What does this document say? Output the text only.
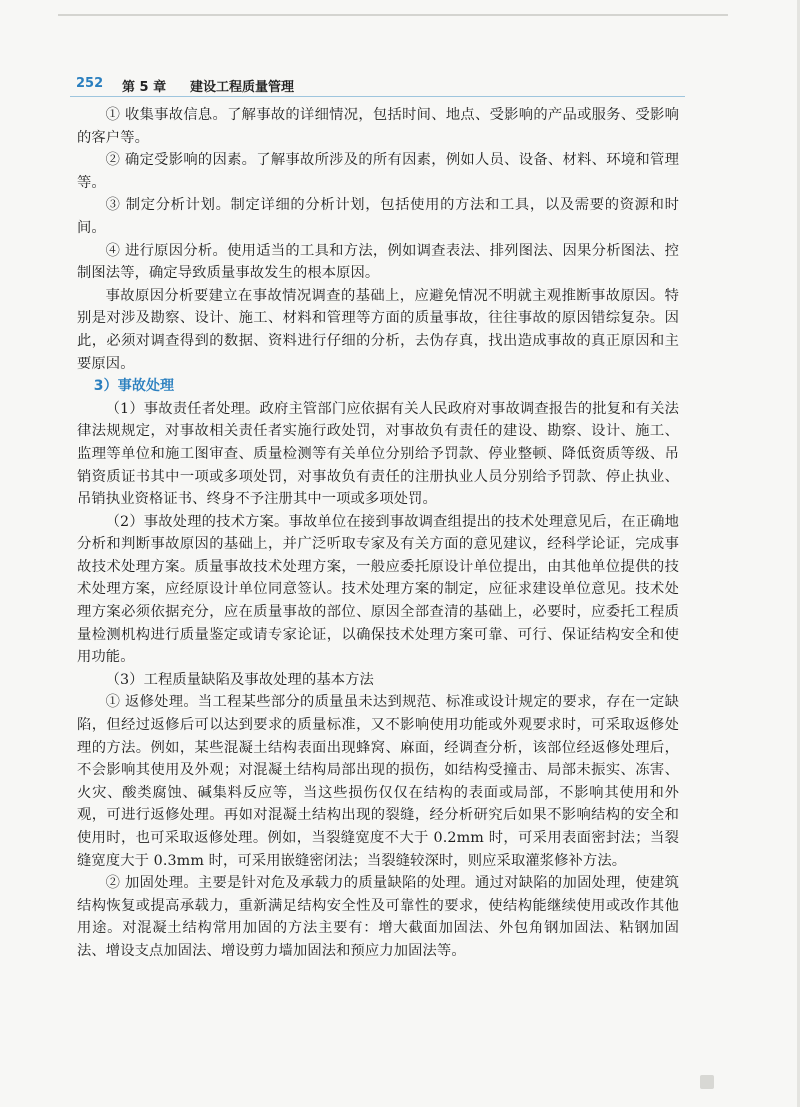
252 第 5 章 建设工程质量管理

① 收集事故信息。了解事故的详细情况，包括时间、地点、受影响的产品或服务、受影响的客户等。

② 确定受影响的因素。了解事故所涉及的所有因素，例如人员、设备、材料、环境和管理等。

③ 制定分析计划。制定详细的分析计划，包括使用的方法和工具，以及需要的资源和时间。

④ 进行原因分析。使用适当的工具和方法，例如调查表法、排列图法、因果分析图法、控制图法等，确定导致质量事故发生的根本原因。

事故原因分析要建立在事故情况调查的基础上，应避免情况不明就主观推断事故原因。特别是对涉及勘察、设计、施工、材料和管理等方面的质量事故，往往事故的原因错综复杂。因此，必须对调查得到的数据、资料进行仔细的分析，去伪存真，找出造成事故的真正原因和主要原因。

3）事故处理

（1）事故责任者处理。政府主管部门应依据有关人民政府对事故调查报告的批复和有关法律法规规定，对事故相关责任者实施行政处罚，对事故负有责任的建设、勘察、设计、施工、监理等单位和施工图审查、质量检测等有关单位分别给予罚款、停业整顿、降低资质等级、吊销资质证书其中一项或多项处罚，对事故负有责任的注册执业人员分别给予罚款、停止执业、吊销执业资格证书、终身不予注册其中一项或多项处罚。

（2）事故处理的技术方案。事故单位在接到事故调查组提出的技术处理意见后，在正确地分析和判断事故原因的基础上，并广泛听取专家及有关方面的意见建议，经科学论证，完成事故技术处理方案。质量事故技术处理方案，一般应委托原设计单位提出，由其他单位提供的技术处理方案，应经原设计单位同意签认。技术处理方案的制定，应征求建设单位意见。技术处理方案必须依据充分，应在质量事故的部位、原因全部查清的基础上，必要时，应委托工程质量检测机构进行质量鉴定或请专家论证，以确保技术处理方案可靠、可行、保证结构安全和使用功能。

（3）工程质量缺陷及事故处理的基本方法

① 返修处理。当工程某些部分的质量虽未达到规范、标准或设计规定的要求，存在一定缺陷，但经过返修后可以达到要求的质量标准，又不影响使用功能或外观要求时，可采取返修处理的方法。例如，某些混凝土结构表面出现蜂窝、麻面，经调查分析，该部位经返修处理后，不会影响其使用及外观；对混凝土结构局部出现的损伤，如结构受撞击、局部未振实、冻害、火灾、酸类腐蚀、碱集料反应等，当这些损伤仅仅在结构的表面或局部，不影响其使用和外观，可进行返修处理。再如对混凝土结构出现的裂缝，经分析研究后如果不影响结构的安全和使用时，也可采取返修处理。例如，当裂缝宽度不大于 0.2mm 时，可采用表面密封法；当裂缝宽度大于 0.3mm 时，可采用嵌缝密闭法；当裂缝较深时，则应采取灌浆修补方法。

② 加固处理。主要是针对危及承载力的质量缺陷的处理。通过对缺陷的加固处理，使建筑结构恢复或提高承载力，重新满足结构安全性及可靠性的要求，使结构能继续使用或改作其他用途。对混凝土结构常用加固的方法主要有：增大截面加固法、外包角钢加固法、粘钢加固法、增设支点加固法、增设剪力墙加固法和预应力加固法等。
